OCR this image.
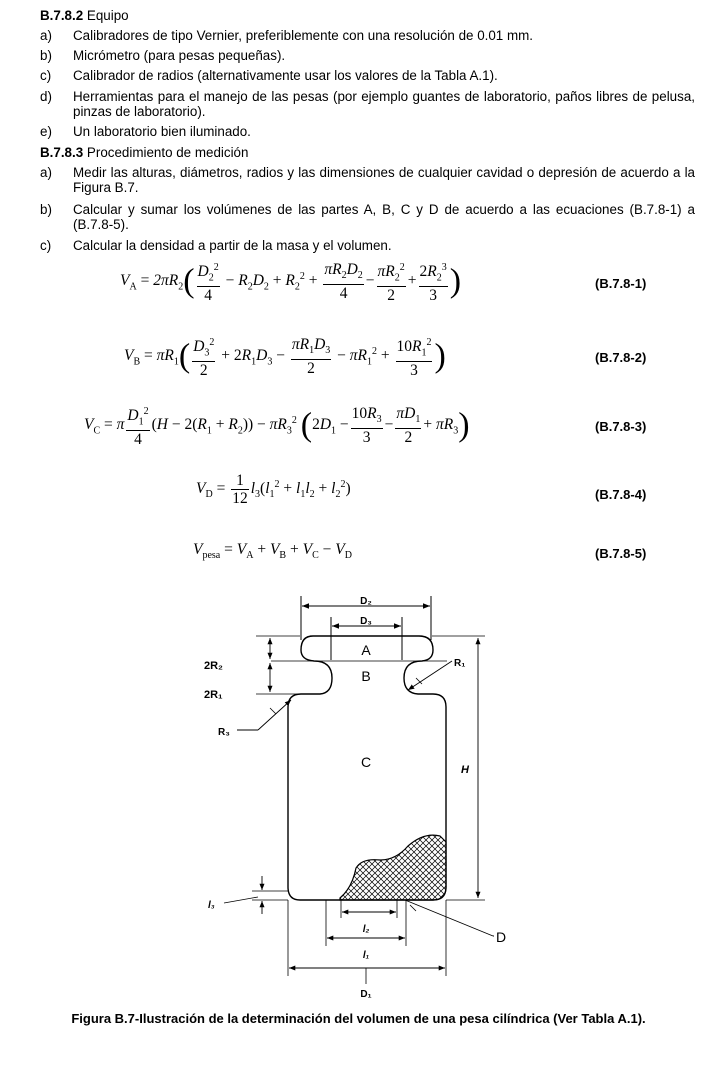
B.7.8.2 Equipo
a) Calibradores de tipo Vernier, preferiblemente con una resolución de 0.01 mm.
b) Micrómetro (para pesas pequeñas).
c) Calibrador de radios (alternativamente usar los valores de la Tabla A.1).
d) Herramientas para el manejo de las pesas (por ejemplo guantes de laboratorio, paños libres de pelusa, pinzas de laboratorio).
e) Un laboratorio bien iluminado.
B.7.8.3 Procedimiento de medición
a) Medir las alturas, diámetros, radios y las dimensiones de cualquier cavidad o depresión de acuerdo a la Figura B.7.
b) Calcular y sumar los volúmenes de las partes A, B, C y D de acuerdo a las ecuaciones (B.7.8-1) a (B.7.8-5).
c) Calcular la densidad a partir de la masa y el volumen.
$V_A = 2\pi R_2( \frac{D_2^2}{4} - R_2D_2 + R_2^2 + \frac{\pi R_2D_2}{4} - \frac{\pi R_2^2}{2} + \frac{2R_2^3}{3}$ )	(B.7.8-1)
$V_B = \pi R_1( \frac{D_3^2}{2} + 2R_1D_3 - \frac{\pi R_1D_3}{2} - \pi R_1^2 + \frac{10R_1^2}{3}$ )	(B.7.8-2)
$V_C = \pi \frac{D_1^2}{4} (H - 2(R_1 + R_2)) - \pi R_3^2$ $(2D_1 - \frac{10R_3}{3} - \frac{\pi D_1}{2} + \pi R_3)$	(B.7.8-3)
$V_D = \frac{1}{12} l_3(l_1^2 + l_1l_2 + l_2^2)$	(B.7.8-4)
$V_{pesa} = V_A + V_B + V_C - V_D$	(B.7.8-5)
D₂
D₃
A
B
C
2R₂
2R₁
R₃
R₁
H
l₃
l₂
l₁
D
D₁
Figura B.7-Ilustración de la determinación del volumen de una pesa cilíndrica (Ver Tabla A.1).
